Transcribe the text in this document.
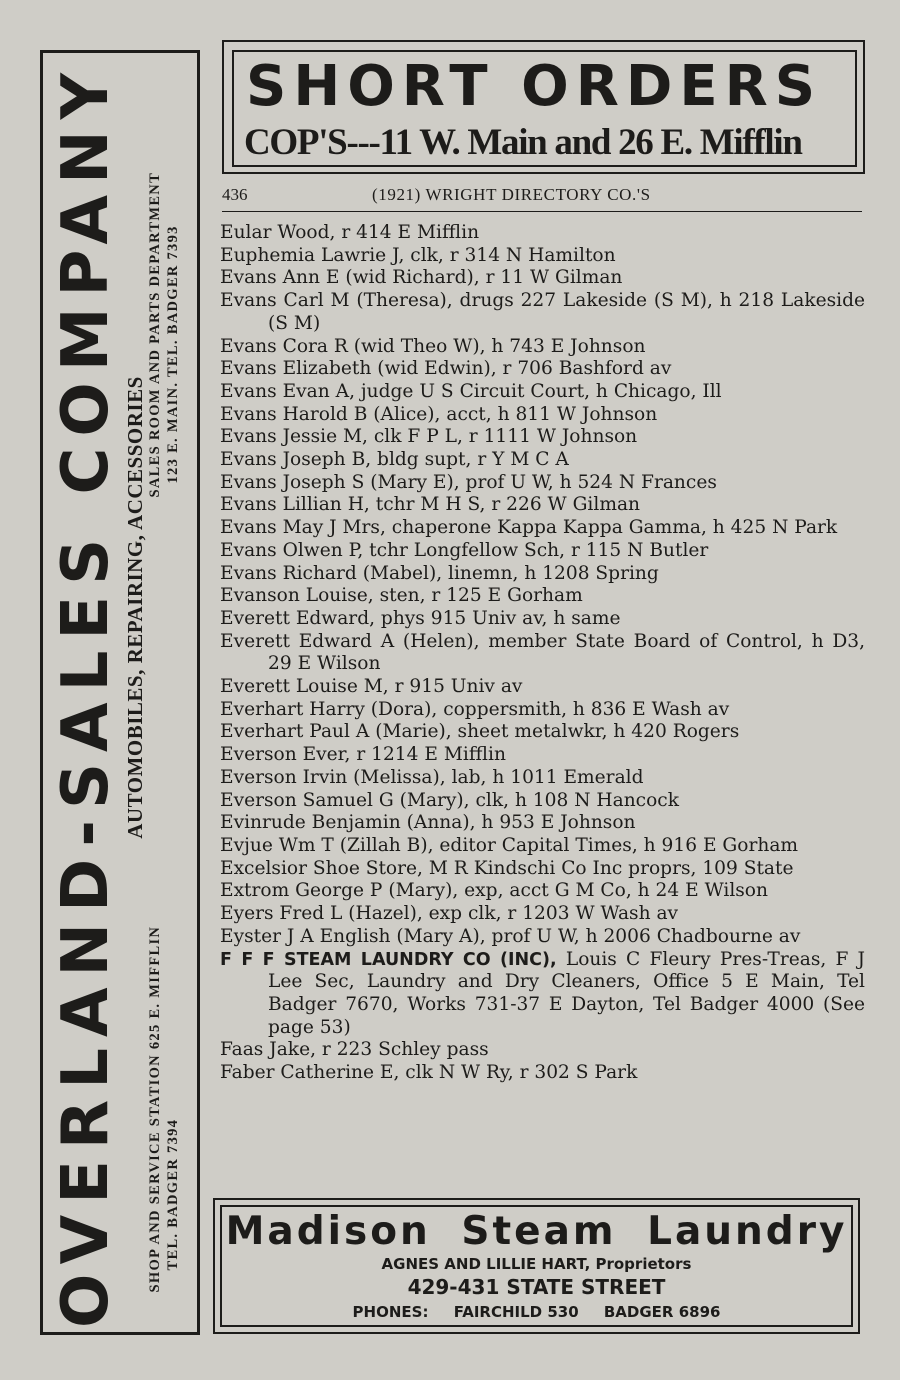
OVERLAND-SALES COMPANY SHOP AND SERVICE STATION 625 E. MIFFLIN TEL. BADGER 7394
AUTOMOBILES, REPAIRING, ACCESSORIES
SALES ROOM AND PARTS DEPARTMENT 123 E. MAIN. TEL. BADGER 7393
SHORT ORDERS
COP'S---11 W. Main and 26 E. Mifflin
436	(1921) WRIGHT DIRECTORY CO.'S
Eular Wood, r 414 E Mifflin
Euphemia Lawrie J, clk, r 314 N Hamilton
Evans Ann E (wid Richard), r 11 W Gilman
Evans Carl M (Theresa), drugs 227 Lakeside (S M), h 218 Lakeside (S M)
Evans Cora R (wid Theo W), h 743 E Johnson
Evans Elizabeth (wid Edwin), r 706 Bashford av
Evans Evan A, judge U S Circuit Court, h Chicago, Ill
Evans Harold B (Alice), acct, h 811 W Johnson
Evans Jessie M, clk F P L, r 1111 W Johnson
Evans Joseph B, bldg supt, r Y M C A
Evans Joseph S (Mary E), prof U W, h 524 N Frances
Evans Lillian H, tchr M H S, r 226 W Gilman
Evans May J Mrs, chaperone Kappa Kappa Gamma, h 425 N Park
Evans Olwen P, tchr Longfellow Sch, r 115 N Butler
Evans Richard (Mabel), linemn, h 1208 Spring
Evanson Louise, sten, r 125 E Gorham
Everett Edward, phys 915 Univ av, h same
Everett Edward A (Helen), member State Board of Control, h D3, 29 E Wilson
Everett Louise M, r 915 Univ av
Everhart Harry (Dora), coppersmith, h 836 E Wash av
Everhart Paul A (Marie), sheet metalwkr, h 420 Rogers
Everson Ever, r 1214 E Mifflin
Everson Irvin (Melissa), lab, h 1011 Emerald
Everson Samuel G (Mary), clk, h 108 N Hancock
Evinrude Benjamin (Anna), h 953 E Johnson
Evjue Wm T (Zillah B), editor Capital Times, h 916 E Gorham
Excelsior Shoe Store, M R Kindschi Co Inc proprs, 109 State
Extrom George P (Mary), exp, acct G M Co, h 24 E Wilson
Eyers Fred L (Hazel), exp clk, r 1203 W Wash av
Eyster J A English (Mary A), prof U W, h 2006 Chadbourne av
F F F STEAM LAUNDRY CO (INC), Louis C Fleury Pres-Treas, F J Lee Sec, Laundry and Dry Cleaners, Office 5 E Main, Tel Badger 7670, Works 731-37 E Dayton, Tel Badger 4000 (See page 53)
Faas Jake, r 223 Schley pass
Faber Catherine E, clk N W Ry, r 302 S Park
Madison Steam Laundry
AGNES AND LILLIE HART, Proprietors
429-431 STATE STREET
PHONES: FAIRCHILD 530 BADGER 6896
